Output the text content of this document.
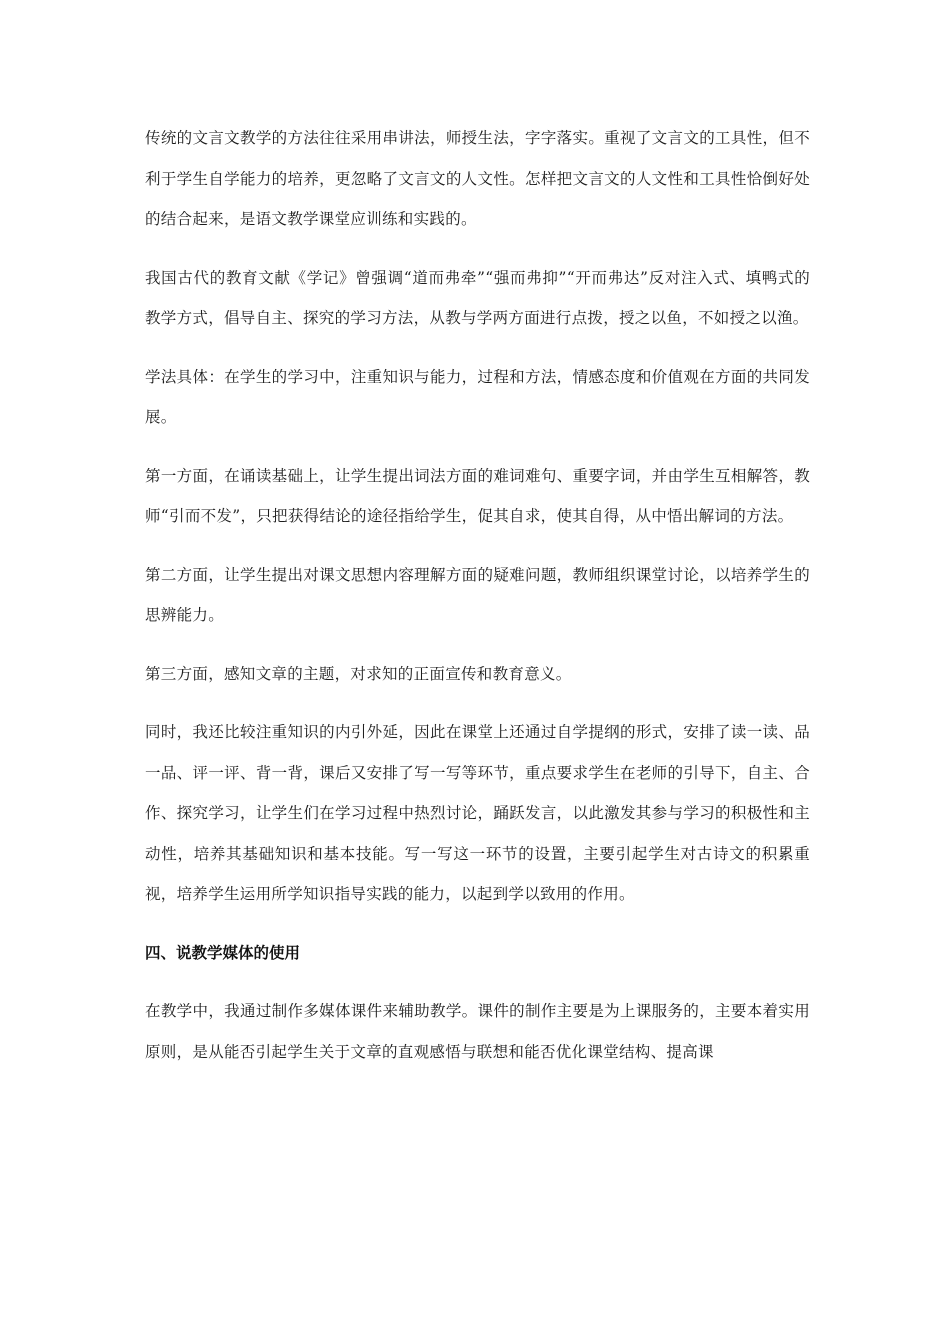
传统的文言文教学的方法往往采用串讲法，师授生法，字字落实。重视了文言文的工具性，但不利于学生自学能力的培养，更忽略了文言文的人文性。怎样把文言文的人文性和工具性恰倒好处的结合起来，是语文教学课堂应训练和实践的。

我国古代的教育文献《学记》曾强调“道而弗牵”“强而弗抑”“开而弗达”反对注入式、填鸭式的教学方式，倡导自主、探究的学习方法，从教与学两方面进行点拨，授之以鱼，不如授之以渔。

学法具体：在学生的学习中，注重知识与能力，过程和方法，情感态度和价值观在方面的共同发展。

第一方面，在诵读基础上，让学生提出词法方面的难词难句、重要字词，并由学生互相解答，教师“引而不发”，只把获得结论的途径指给学生，促其自求，使其自得，从中悟出解词的方法。

第二方面，让学生提出对课文思想内容理解方面的疑难问题，教师组织课堂讨论，以培养学生的思辨能力。

第三方面，感知文章的主题，对求知的正面宣传和教育意义。

同时，我还比较注重知识的内引外延，因此在课堂上还通过自学提纲的形式，安排了读一读、品一品、评一评、背一背，课后又安排了写一写等环节，重点要求学生在老师的引导下，自主、合作、探究学习，让学生们在学习过程中热烈讨论，踊跃发言，以此激发其参与学习的积极性和主动性，培养其基础知识和基本技能。写一写这一环节的设置，主要引起学生对古诗文的积累重视，培养学生运用所学知识指导实践的能力，以起到学以致用的作用。

四、说教学媒体的使用

在教学中，我通过制作多媒体课件来辅助教学。课件的制作主要是为上课服务的，主要本着实用原则，是从能否引起学生关于文章的直观感悟与联想和能否优化课堂结构、提高课
